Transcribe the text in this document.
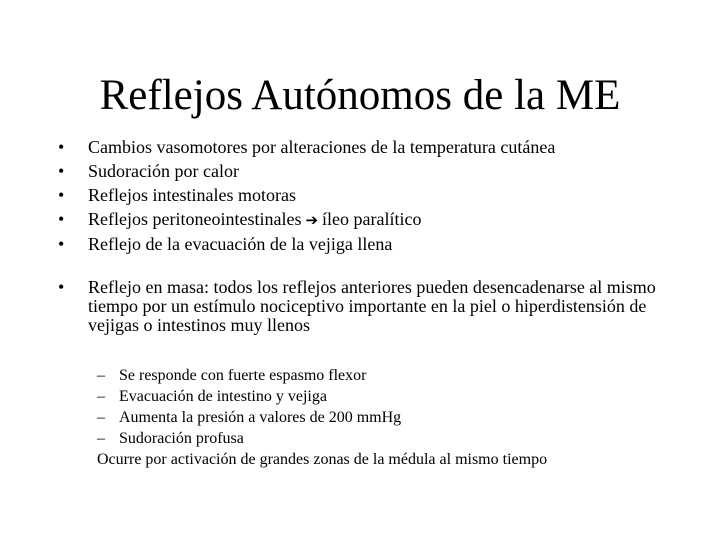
Reflejos Autónomos de la ME
• Cambios vasomotores por alteraciones de la temperatura cutánea
• Sudoración por calor
• Reflejos intestinales motoras
• Reflejos peritoneointestinales ➔ íleo paralítico
• Reflejo de la evacuación de la vejiga llena
• Reflejo en masa: todos los reflejos anteriores pueden desencadenarse al mismo tiempo por un estímulo nociceptivo importante en la piel o hiperdistensión de vejigas o intestinos muy llenos
– Se responde con fuerte espasmo flexor
– Evacuación de intestino y vejiga
– Aumenta la presión a valores de 200 mmHg
– Sudoración profusa
Ocurre por activación de grandes zonas de la médula al mismo tiempo
